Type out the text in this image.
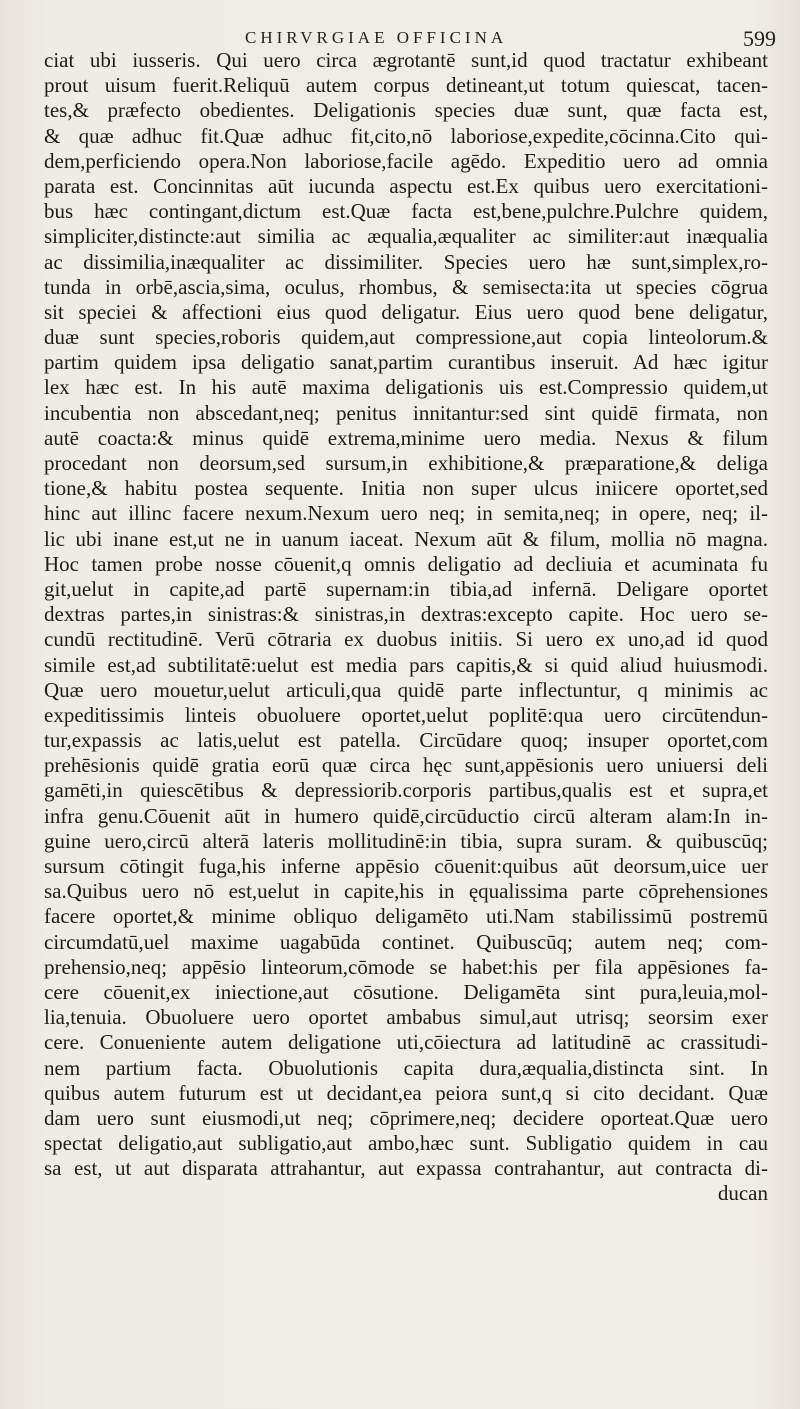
CHIRVRGIAE OFFICINA	599
ciat ubi iusseris. Qui uero circa ægrotantē sunt,id quod tractatur exhibeant
prout uisum fuerit.Reliquū autem corpus detineant,ut totum quiescat, tacen-
tes,& præfecto obedientes. Deligationis species duæ sunt, quæ facta est,
& quæ adhuc fit.Quæ adhuc fit,cito,nō laboriose,expedite,cōcinna.Cito qui-
dem,perficiendo opera.Non laboriose,facile agēdo. Expeditio uero ad omnia
parata est. Concinnitas aūt iucunda aspectu est.Ex quibus uero exercitationi-
bus hæc contingant,dictum est.Quæ facta est,bene,pulchre.Pulchre quidem,
simpliciter,distincte:aut similia ac æqualia,æqualiter ac similiter:aut inæqualia
ac dissimilia,inæqualiter ac dissimiliter. Species uero hæ sunt,simplex,ro-
tunda in orbē,ascia,sima, oculus, rhombus, & semisecta:ita ut species cōgrua
sit speciei & affectioni eius quod deligatur. Eius uero quod bene deligatur,
duæ sunt species,roboris quidem,aut compressione,aut copia linteolorum.&
partim quidem ipsa deligatio sanat,partim curantibus inseruit. Ad hæc igitur
lex hæc est. In his autē maxima deligationis uis est.Compressio quidem,ut
incubentia non abscedant,neq; penitus innitantur:sed sint quidē firmata, non
autē coacta:& minus quidē extrema,minime uero media. Nexus & filum
procedant non deorsum,sed sursum,in exhibitione,& præparatione,& deliga
tione,& habitu postea sequente. Initia non super ulcus iniicere oportet,sed
hinc aut illinc facere nexum.Nexum uero neq; in semita,neq; in opere, neq; il-
lic ubi inane est,ut ne in uanum iaceat. Nexum aūt & filum, mollia nō magna.
Hoc tamen probe nosse cōuenit,q omnis deligatio ad decliuia et acuminata fu
git,uelut in capite,ad partē supernam:in tibia,ad infernā. Deligare oportet
dextras partes,in sinistras:& sinistras,in dextras:excepto capite. Hoc uero se-
cundū rectitudinē. Verū cōtraria ex duobus initiis. Si uero ex uno,ad id quod
simile est,ad subtilitatē:uelut est media pars capitis,& si quid aliud huiusmodi.
Quæ uero mouetur,uelut articuli,qua quidē parte inflectuntur, q minimis ac
expeditissimis linteis obuoluere oportet,uelut poplitē:qua uero circūtendun-
tur,expassis ac latis,uelut est patella. Circūdare quoq; insuper oportet,com
prehēsionis quidē gratia eorū quæ circa hęc sunt,appēsionis uero uniuersi deli
gamēti,in quiescētibus & depressiorib.corporis partibus,qualis est et supra,et
infra genu.Cōuenit aūt in humero quidē,circūductio circū alteram alam:In in-
guine uero,circū alterā lateris mollitudinē:in tibia, supra suram. & quibuscūq;
sursum cōtingit fuga,his inferne appēsio cōuenit:quibus aūt deorsum,uice uer
sa.Quibus uero nō est,uelut in capite,his in ęqualissima parte cōprehensiones
facere oportet,& minime obliquo deligamēto uti.Nam stabilissimū postremū
circumdatū,uel maxime uagabūda continet. Quibuscūq; autem neq; com-
prehensio,neq; appēsio linteorum,cōmode se habet:his per fila appēsiones fa-
cere cōuenit,ex iniectione,aut cōsutione. Deligamēta sint pura,leuia,mol-
lia,tenuia. Obuoluere uero oportet ambabus simul,aut utrisq; seorsim exer
cere. Conueniente autem deligatione uti,cōiectura ad latitudinē ac crassitudi-
nem partium facta. Obuolutionis capita dura,æqualia,distincta sint. In
quibus autem futurum est ut decidant,ea peiora sunt,q si cito decidant. Quæ
dam uero sunt eiusmodi,ut neq; cōprimere,neq; decidere oporteat.Quæ uero
spectat deligatio,aut subligatio,aut ambo,hæc sunt. Subligatio quidem in cau
sa est, ut aut disparata attrahantur, aut expassa contrahantur, aut contracta di-
ducan
